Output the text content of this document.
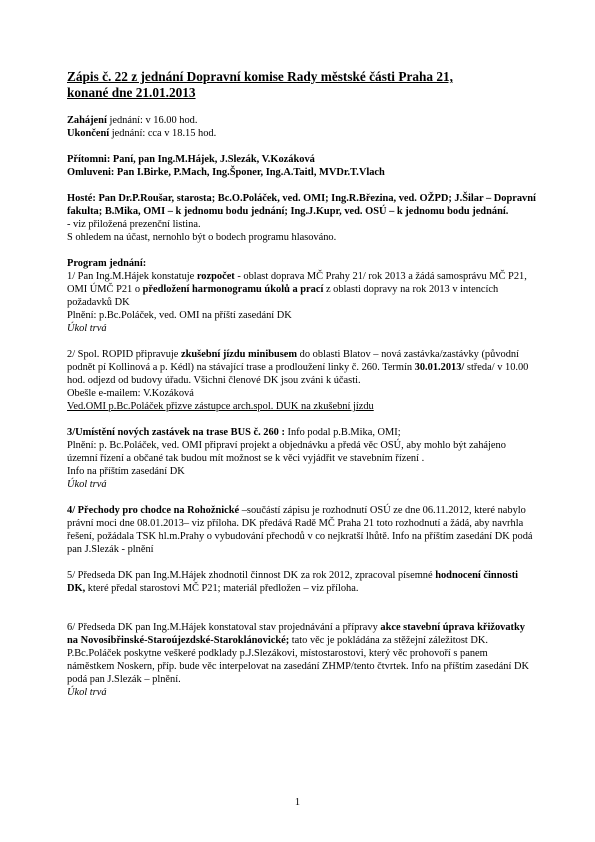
Zápis č. 22 z jednání Dopravní komise Rady městské části Praha 21,
konané dne 21.01.2013

Zahájení jednání: v 16.00 hod.

Ukončení jednání: cca v 18.15 hod.

Přítomni: Paní, pan Ing.M.Hájek, J.Slezák, V.Kozáková

Omluveni: Pan I.Birke, P.Mach, Ing.Šponer, Ing.A.Taitl, MVDr.T.Vlach

Hosté: Pan Dr.P.Roušar, starosta; Bc.O.Poláček, ved. OMI; Ing.R.Březina, ved. OŽPD; J.Šilar – Dopravní fakulta; B.Mika, OMI – k jednomu bodu jednání; Ing.J.Kupr, ved. OSÚ – k jednomu bodu jednání.

- viz přiložená prezenční listina.

S ohledem na účast, nernohlo být o bodech programu hlasováno.

Program jednání:

1/ Pan Ing.M.Hájek konstatuje rozpočet - oblast doprava MČ Prahy 21/ rok 2013 a žádá samosprávu MČ P21, OMI ÚMČ P21 o předložení harmonogramu úkolů a prací z oblasti dopravy na rok 2013 v intencích požadavků DK

Plnění: p.Bc.Poláček, ved. OMI na příští zasedání DK

Úkol trvá

2/ Spol. ROPID připravuje zkušební jízdu minibusem do oblasti Blatov – nová zastávka/zastávky (původní podnět pí Kollinová a p. Kédl) na stávající trase a prodloužení linky č. 260. Termín 30.01.2013/ středa/ v 10.00 hod. odjezd od budovy úřadu. Všichni členové DK jsou zváni k účasti.

Obešle e-mailem: V.Kozáková

Ved.OMI p.Bc.Poláček přizve zástupce arch.spol. DUK na zkušební jízdu

3/Umístění nových zastávek na trase BUS č. 260 : Info podal p.B.Mika, OMI;

Plnění: p. Bc.Poláček, ved. OMI připraví projekt a objednávku a předá věc OSÚ, aby mohlo být zahájeno územní řízení a občané tak budou mít možnost se k věci vyjádřit ve stavebním řízení .

Info na příštím zasedání DK

Úkol trvá

4/ Přechody pro chodce na Rohožnické –součástí zápisu je rozhodnutí OSÚ ze dne 06.11.2012, které nabylo právní moci dne 08.01.2013– viz příloha. DK předává Radě MČ Praha 21 toto rozhodnutí a žádá, aby navrhla řešení, požádala TSK hl.m.Prahy o vybudování přechodů v co nejkratší lhůtě. Info na příštím zasedání DK podá pan J.Slezák - plnění

5/ Předseda DK pan Ing.M.Hájek zhodnotil činnost DK za rok 2012, zpracoval písemné hodnocení činnosti DK, které předal starostovi MČ P21; materiál předložen – viz příloha.

6/ Předseda DK pan Ing.M.Hájek konstatoval stav projednávání a přípravy akce stavební úprava křižovatky na Novosibřinské-Staroújezdské-Staroklánovické; tato věc je pokládána za stěžejní záležitost DK. P.Bc.Poláček poskytne veškeré podklady p.J.Slezákovi, místostarostovi, který věc prohovoří s panem náměstkem Noskern, příp. bude věc interpelovat na zasedání ZHMP/tento čtvrtek. Info na příštím zasedání DK podá pan J.Slezák – plnění.

Úkol trvá

1
